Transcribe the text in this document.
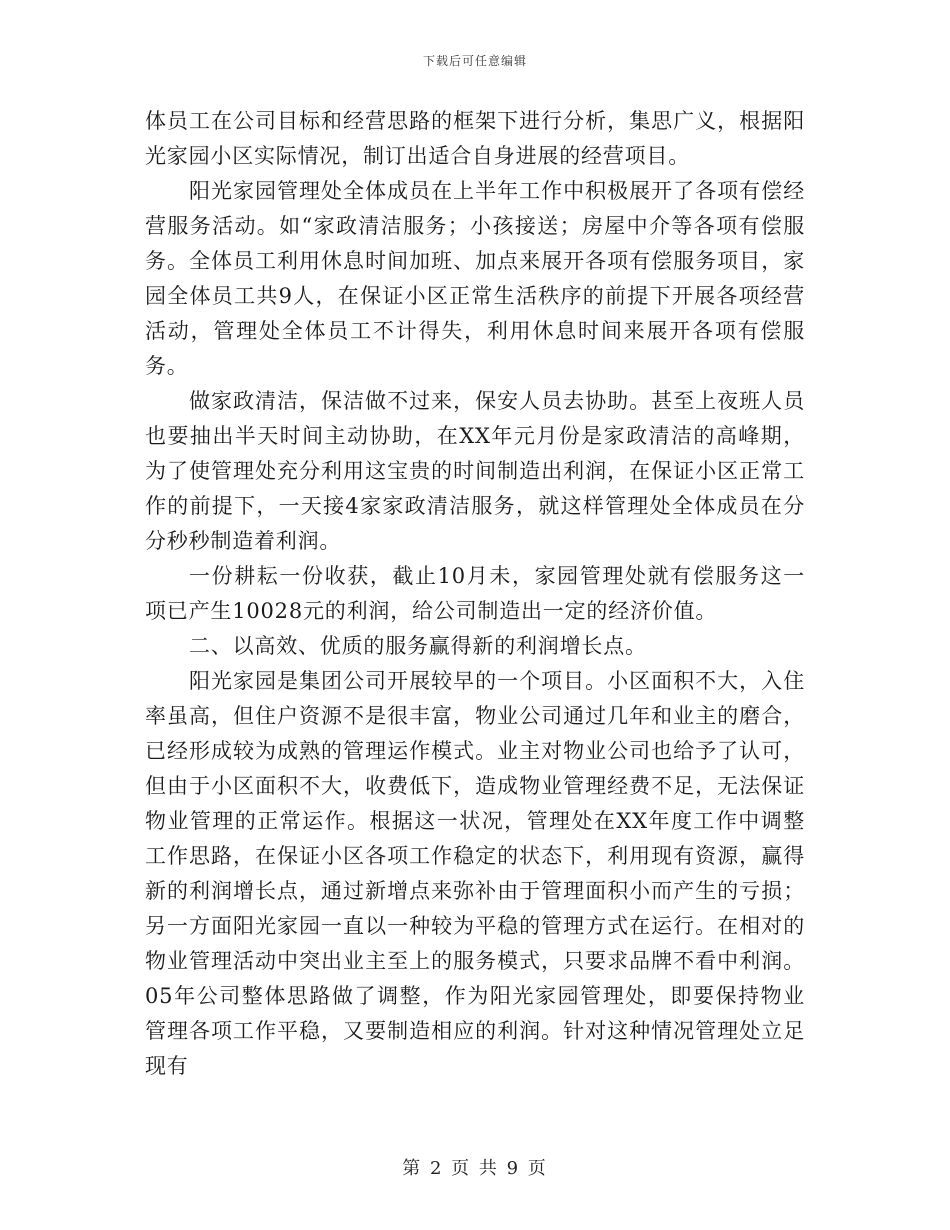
下载后可任意编辑

体员工在公司目标和经营思路的框架下进行分析，集思广义，根据阳光家园小区实际情况，制订出适合自身进展的经营项目。

阳光家园管理处全体成员在上半年工作中积极展开了各项有偿经营服务活动。如“家政清洁服务；小孩接送；房屋中介等各项有偿服务。全体员工利用休息时间加班、加点来展开各项有偿服务项目，家园全体员工共9人，在保证小区正常生活秩序的前提下开展各项经营活动，管理处全体员工不计得失，利用休息时间来展开各项有偿服务。

做家政清洁，保洁做不过来，保安人员去协助。甚至上夜班人员也要抽出半天时间主动协助，在XX年元月份是家政清洁的高峰期，为了使管理处充分利用这宝贵的时间制造出利润，在保证小区正常工作的前提下，一天接4家家政清洁服务，就这样管理处全体成员在分分秒秒制造着利润。

一份耕耘一份收获，截止10月未，家园管理处就有偿服务这一项已产生10028元的利润，给公司制造出一定的经济价值。

二、以高效、优质的服务赢得新的利润增长点。

阳光家园是集团公司开展较早的一个项目。小区面积不大，入住率虽高，但住户资源不是很丰富，物业公司通过几年和业主的磨合，已经形成较为成熟的管理运作模式。业主对物业公司也给予了认可，但由于小区面积不大，收费低下，造成物业管理经费不足，无法保证物业管理的正常运作。根据这一状况，管理处在XX年度工作中调整工作思路，在保证小区各项工作稳定的状态下，利用现有资源，赢得新的利润增长点，通过新增点来弥补由于管理面积小而产生的亏损；另一方面阳光家园一直以一种较为平稳的管理方式在运行。在相对的物业管理活动中突出业主至上的服务模式，只要求品牌不看中利润。05年公司整体思路做了调整，作为阳光家园管理处，即要保持物业管理各项工作平稳，又要制造相应的利润。针对这种情况管理处立足现有

第 2 页 共 9 页
